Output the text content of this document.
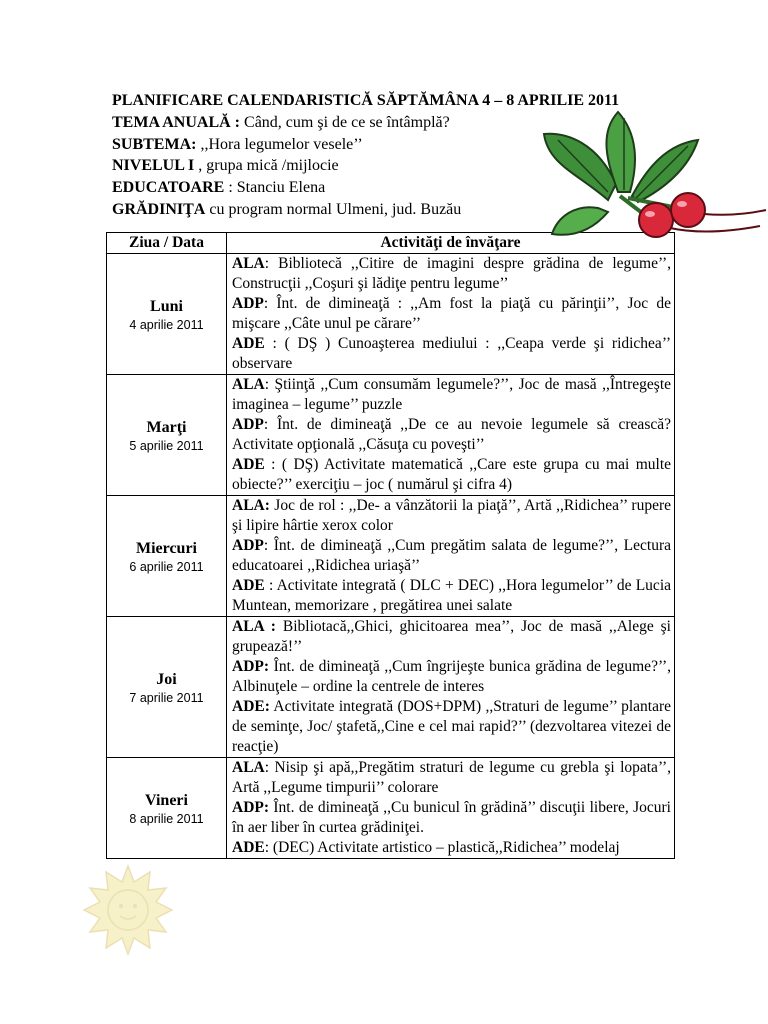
PLANIFICARE CALENDARISTICĂ SĂPTĂMÂNA 4 – 8 APRILIE 2011
TEMA ANUALĂ : Când, cum şi de ce se întâmplă?
SUBTEMA: ,,Hora legumelor vesele’’
NIVELUL I , grupa mică /mijlocie
EDUCATOARE : Stanciu Elena
GRĂDINIŢA cu program normal Ulmeni, jud. Buzău
Ziua / Data	Activităţi de învăţare

Luni
4 aprilie 2011	ALA: Bibliotecă ,,Citire de imagini despre grădina de legume’’, Construcţii ,,Coşuri şi lădiţe pentru legume’’
ADP: Înt. de dimineaţă : ,,Am fost la piaţă cu părinţii’’, Joc de mişcare ,,Câte unul pe cărare’’
ADE : ( DŞ ) Cunoaşterea mediului : ,,Ceapa verde şi ridichea’’ observare

Marţi
5 aprilie 2011	ALA: Ştiinţă ,,Cum consumăm legumele?’’, Joc de masă ,,Întregeşte imaginea – legume’’ puzzle
ADP: Înt. de dimineaţă ,,De ce au nevoie legumele să crească? Activitate opţională ,,Căsuţa cu poveşti’’
ADE : ( DŞ) Activitate matematică ,,Care este grupa cu mai multe obiecte?’’ exerciţiu – joc ( numărul şi cifra 4)

Miercuri
6 aprilie 2011	ALA: Joc de rol : ,,De- a vânzătorii la piaţă’’, Artă ,,Ridichea’’ rupere şi lipire hârtie xerox color
ADP: Înt. de dimineaţă ,,Cum pregătim salata de legume?’’, Lectura educatoarei ,,Ridichea uriaşă’’
ADE : Activitate integrată ( DLC + DEC) ,,Hora legumelor’’ de Lucia Muntean, memorizare , pregătirea unei salate

Joi
7 aprilie 2011	ALA : Bibliotacă,,Ghici, ghicitoarea mea’’, Joc de masă ,,Alege şi grupează!’’
ADP: Înt. de dimineaţă ,,Cum îngrijeşte bunica grădina de legume?’’, Albinuţele – ordine la centrele de interes
ADE: Activitate integrată (DOS+DPM) ,,Straturi de legume’’ plantare de seminţe, Joc/ ştafetă,,Cine e cel mai rapid?’’ (dezvoltarea vitezei de reacţie)

Vineri
8 aprilie 2011	ALA: Nisip şi apă,,Pregătim straturi de legume cu grebla şi lopata’’, Artă ,,Legume timpurii’’ colorare
ADP: Înt. de dimineaţă ,,Cu bunicul în grădină’’ discuţii libere, Jocuri în aer liber în curtea grădiniţei.
ADE: (DEC) Activitate artistico – plastică,,Ridichea’’ modelaj
